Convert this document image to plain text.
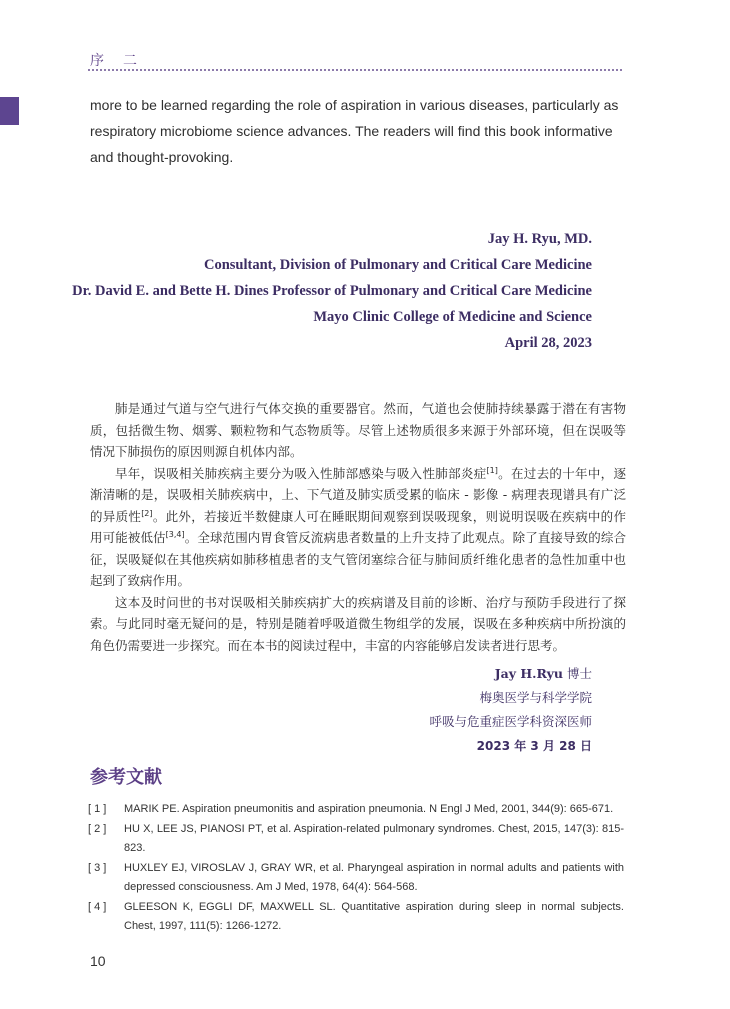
序 二
more to be learned regarding the role of aspiration in various diseases, particularly as respiratory microbiome science advances. The readers will find this book informative and thought-provoking.
Jay H. Ryu, MD.
Consultant, Division of Pulmonary and Critical Care Medicine
Dr. David E. and Bette H. Dines Professor of Pulmonary and Critical Care Medicine
Mayo Clinic College of Medicine and Science
April 28, 2023

肺是通过气道与空气进行气体交换的重要器官。然而，气道也会使肺持续暴露于潜在有害物质，包括微生物、烟雾、颗粒物和气态物质等。尽管上述物质很多来源于外部环境，但在误吸等情况下肺损伤的原因则源自机体内部。

早年，误吸相关肺疾病主要分为吸入性肺部感染与吸入性肺部炎症[1]。在过去的十年中，逐渐清晰的是，误吸相关肺疾病中，上、下气道及肺实质受累的临床 - 影像 - 病理表现谱具有广泛的异质性[2]。此外，若接近半数健康人可在睡眠期间观察到误吸现象，则说明误吸在疾病中的作用可能被低估[3,4]。全球范围内胃食管反流病患者数量的上升支持了此观点。除了直接导致的综合征，误吸疑似在其他疾病如肺移植患者的支气管闭塞综合征与肺间质纤维化患者的急性加重中也起到了致病作用。

这本及时问世的书对误吸相关肺疾病扩大的疾病谱及目前的诊断、治疗与预防手段进行了探索。与此同时毫无疑问的是，特别是随着呼吸道微生物组学的发展，误吸在多种疾病中所扮演的角色仍需要进一步探究。而在本书的阅读过程中，丰富的内容能够启发读者进行思考。

Jay H.Ryu 博士
梅奥医学与科学学院
呼吸与危重症医学科资深医师
2023 年 3 月 28 日
参考文献
[ 1 ]	MARIK PE. Aspiration pneumonitis and aspiration pneumonia. N Engl J Med, 2001, 344(9): 665-671.
[ 2 ]	HU X, LEE JS, PIANOSI PT, et al. Aspiration-related pulmonary syndromes. Chest, 2015, 147(3): 815-823.
[ 3 ]	HUXLEY EJ, VIROSLAV J, GRAY WR, et al. Pharyngeal aspiration in normal adults and patients with depressed consciousness. Am J Med, 1978, 64(4): 564-568.
[ 4 ]	GLEESON K, EGGLI DF, MAXWELL SL. Quantitative aspiration during sleep in normal subjects. Chest, 1997, 111(5): 1266-1272.
10
